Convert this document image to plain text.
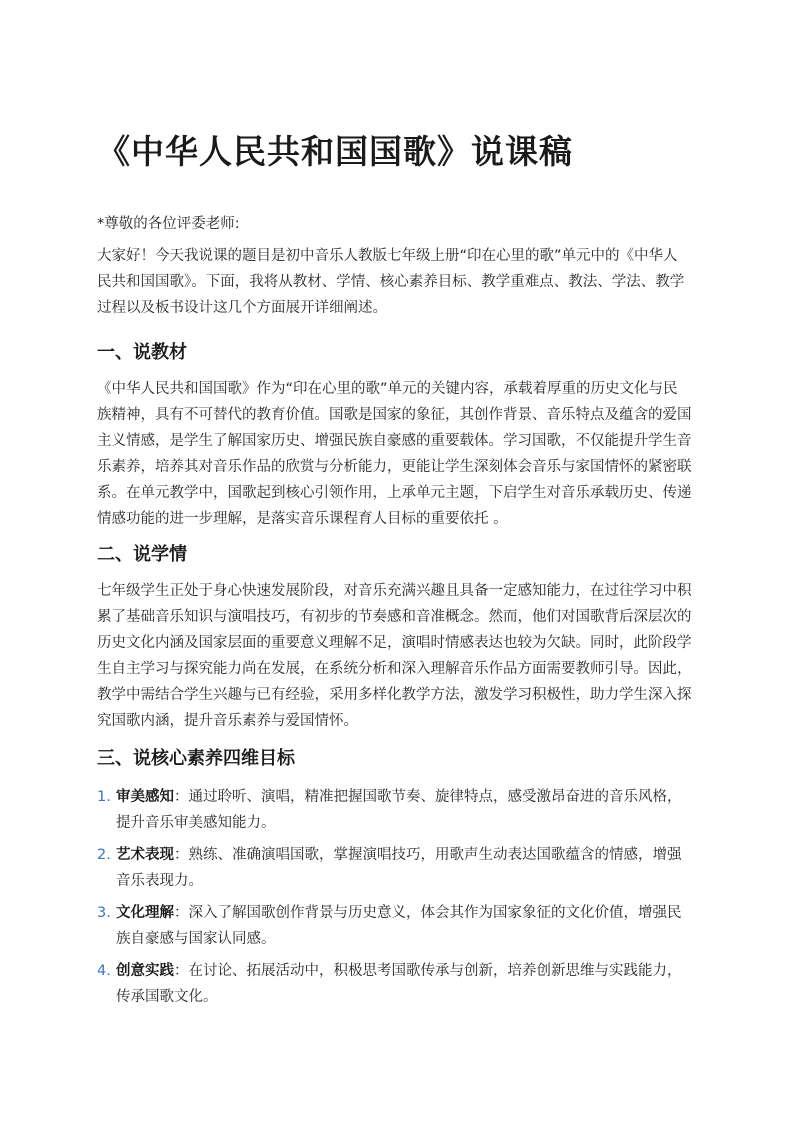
《中华人民共和国国歌》说课稿

*尊敬的各位评委老师:

大家好！今天我说课的题目是初中音乐人教版七年级上册“印在心里的歌”单元中的《中华人
民共和国国歌》。下面，我将从教材、学情、核心素养目标、教学重难点、教法、学法、教学
过程以及板书设计这几个方面展开详细阐述。

一、说教材

《中华人民共和国国歌》作为“印在心里的歌”单元的关键内容，承载着厚重的历史文化与民
族精神，具有不可替代的教育价值。国歌是国家的象征，其创作背景、音乐特点及蕴含的爱国
主义情感，是学生了解国家历史、增强民族自豪感的重要载体。学习国歌，不仅能提升学生音
乐素养，培养其对音乐作品的欣赏与分析能力，更能让学生深刻体会音乐与家国情怀的紧密联
系。在单元教学中，国歌起到核心引领作用，上承单元主题，下启学生对音乐承载历史、传递
情感功能的进一步理解，是落实音乐课程育人目标的重要依托 。

二、说学情

七年级学生正处于身心快速发展阶段，对音乐充满兴趣且具备一定感知能力，在过往学习中积
累了基础音乐知识与演唱技巧，有初步的节奏感和音准概念。然而，他们对国歌背后深层次的
历史文化内涵及国家层面的重要意义理解不足，演唱时情感表达也较为欠缺。同时，此阶段学
生自主学习与探究能力尚在发展，在系统分析和深入理解音乐作品方面需要教师引导。因此，
教学中需结合学生兴趣与已有经验，采用多样化教学方法，激发学习积极性，助力学生深入探
究国歌内涵，提升音乐素养与爱国情怀。

三、说核心素养四维目标
1. 审美感知：通过聆听、演唱，精准把握国歌节奏、旋律特点，感受激昂奋进的音乐风格，
提升音乐审美感知能力。
2. 艺术表现：熟练、准确演唱国歌，掌握演唱技巧，用歌声生动表达国歌蕴含的情感，增强
音乐表现力。
3. 文化理解：深入了解国歌创作背景与历史意义，体会其作为国家象征的文化价值，增强民
族自豪感与国家认同感。
4. 创意实践：在讨论、拓展活动中，积极思考国歌传承与创新，培养创新思维与实践能力，
传承国歌文化。
